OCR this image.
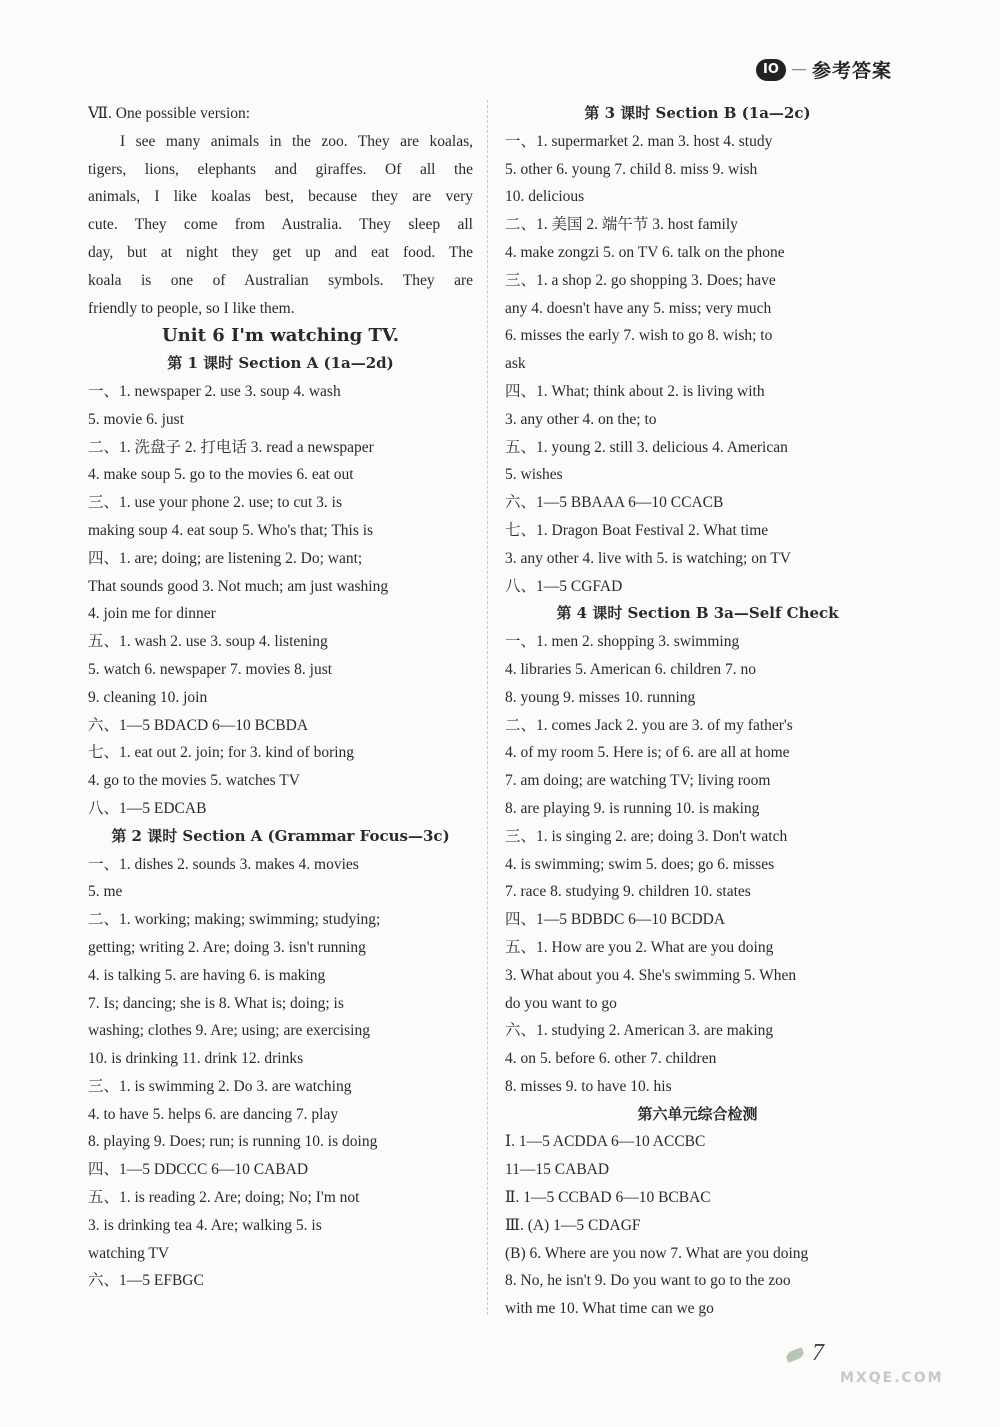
IO — 参考答案
Ⅶ. One possible version:
I see many animals in the zoo. They are koalas,
tigers, lions, elephants and giraffes. Of all the
animals, I like koalas best, because they are very
cute. They come from Australia. They sleep all
day, but at night they get up and eat food. The
koala is one of Australian symbols. They are
friendly to people, so I like them.
Unit 6 I'm watching TV.
第 1 课时 Section A (1a—2d)
一、1. newspaper 2. use 3. soup 4. wash
5. movie 6. just
二、1. 洗盘子 2. 打电话 3. read a newspaper
4. make soup 5. go to the movies 6. eat out
三、1. use your phone 2. use; to cut 3. is
making soup 4. eat soup 5. Who's that; This is
四、1. are; doing; are listening 2. Do; want;
That sounds good 3. Not much; am just washing
4. join me for dinner
五、1. wash 2. use 3. soup 4. listening
5. watch 6. newspaper 7. movies 8. just
9. cleaning 10. join
六、1—5 BDACD 6—10 BCBDA
七、1. eat out 2. join; for 3. kind of boring
4. go to the movies 5. watches TV
八、1—5 EDCAB
第 2 课时 Section A (Grammar Focus—3c)
一、1. dishes 2. sounds 3. makes 4. movies
5. me
二、1. working; making; swimming; studying;
getting; writing 2. Are; doing 3. isn't running
4. is talking 5. are having 6. is making
7. Is; dancing; she is 8. What is; doing; is
washing; clothes 9. Are; using; are exercising
10. is drinking 11. drink 12. drinks
三、1. is swimming 2. Do 3. are watching
4. to have 5. helps 6. are dancing 7. play
8. playing 9. Does; run; is running 10. is doing
四、1—5 DDCCC 6—10 CABAD
五、1. is reading 2. Are; doing; No; I'm not
3. is drinking tea 4. Are; walking 5. is
watching TV
六、1—5 EFBGC
第 3 课时 Section B (1a—2c)
一、1. supermarket 2. man 3. host 4. study
5. other 6. young 7. child 8. miss 9. wish
10. delicious
二、1. 美国 2. 端午节 3. host family
4. make zongzi 5. on TV 6. talk on the phone
三、1. a shop 2. go shopping 3. Does; have
any 4. doesn't have any 5. miss; very much
6. misses the early 7. wish to go 8. wish; to
ask
四、1. What; think about 2. is living with
3. any other 4. on the; to
五、1. young 2. still 3. delicious 4. American
5. wishes
六、1—5 BBAAA 6—10 CCACB
七、1. Dragon Boat Festival 2. What time
3. any other 4. live with 5. is watching; on TV
八、1—5 CGFAD
第 4 课时 Section B 3a—Self Check
一、1. men 2. shopping 3. swimming
4. libraries 5. American 6. children 7. no
8. young 9. misses 10. running
二、1. comes Jack 2. you are 3. of my father's
4. of my room 5. Here is; of 6. are all at home
7. am doing; are watching TV; living room
8. are playing 9. is running 10. is making
三、1. is singing 2. are; doing 3. Don't watch
4. is swimming; swim 5. does; go 6. misses
7. race 8. studying 9. children 10. states
四、1—5 BDBDC 6—10 BCDDA
五、1. How are you 2. What are you doing
3. What about you 4. She's swimming 5. When
do you want to go
六、1. studying 2. American 3. are making
4. on 5. before 6. other 7. children
8. misses 9. to have 10. his
第六单元综合检测
Ⅰ. 1—5 ACDDA 6—10 ACCBC
11—15 CABAD
Ⅱ. 1—5 CCBAD 6—10 BCBAC
Ⅲ. (A) 1—5 CDAGF
(B) 6. Where are you now 7. What are you doing
8. No, he isn't 9. Do you want to go to the zoo
with me 10. What time can we go
7
MXQE.COM
